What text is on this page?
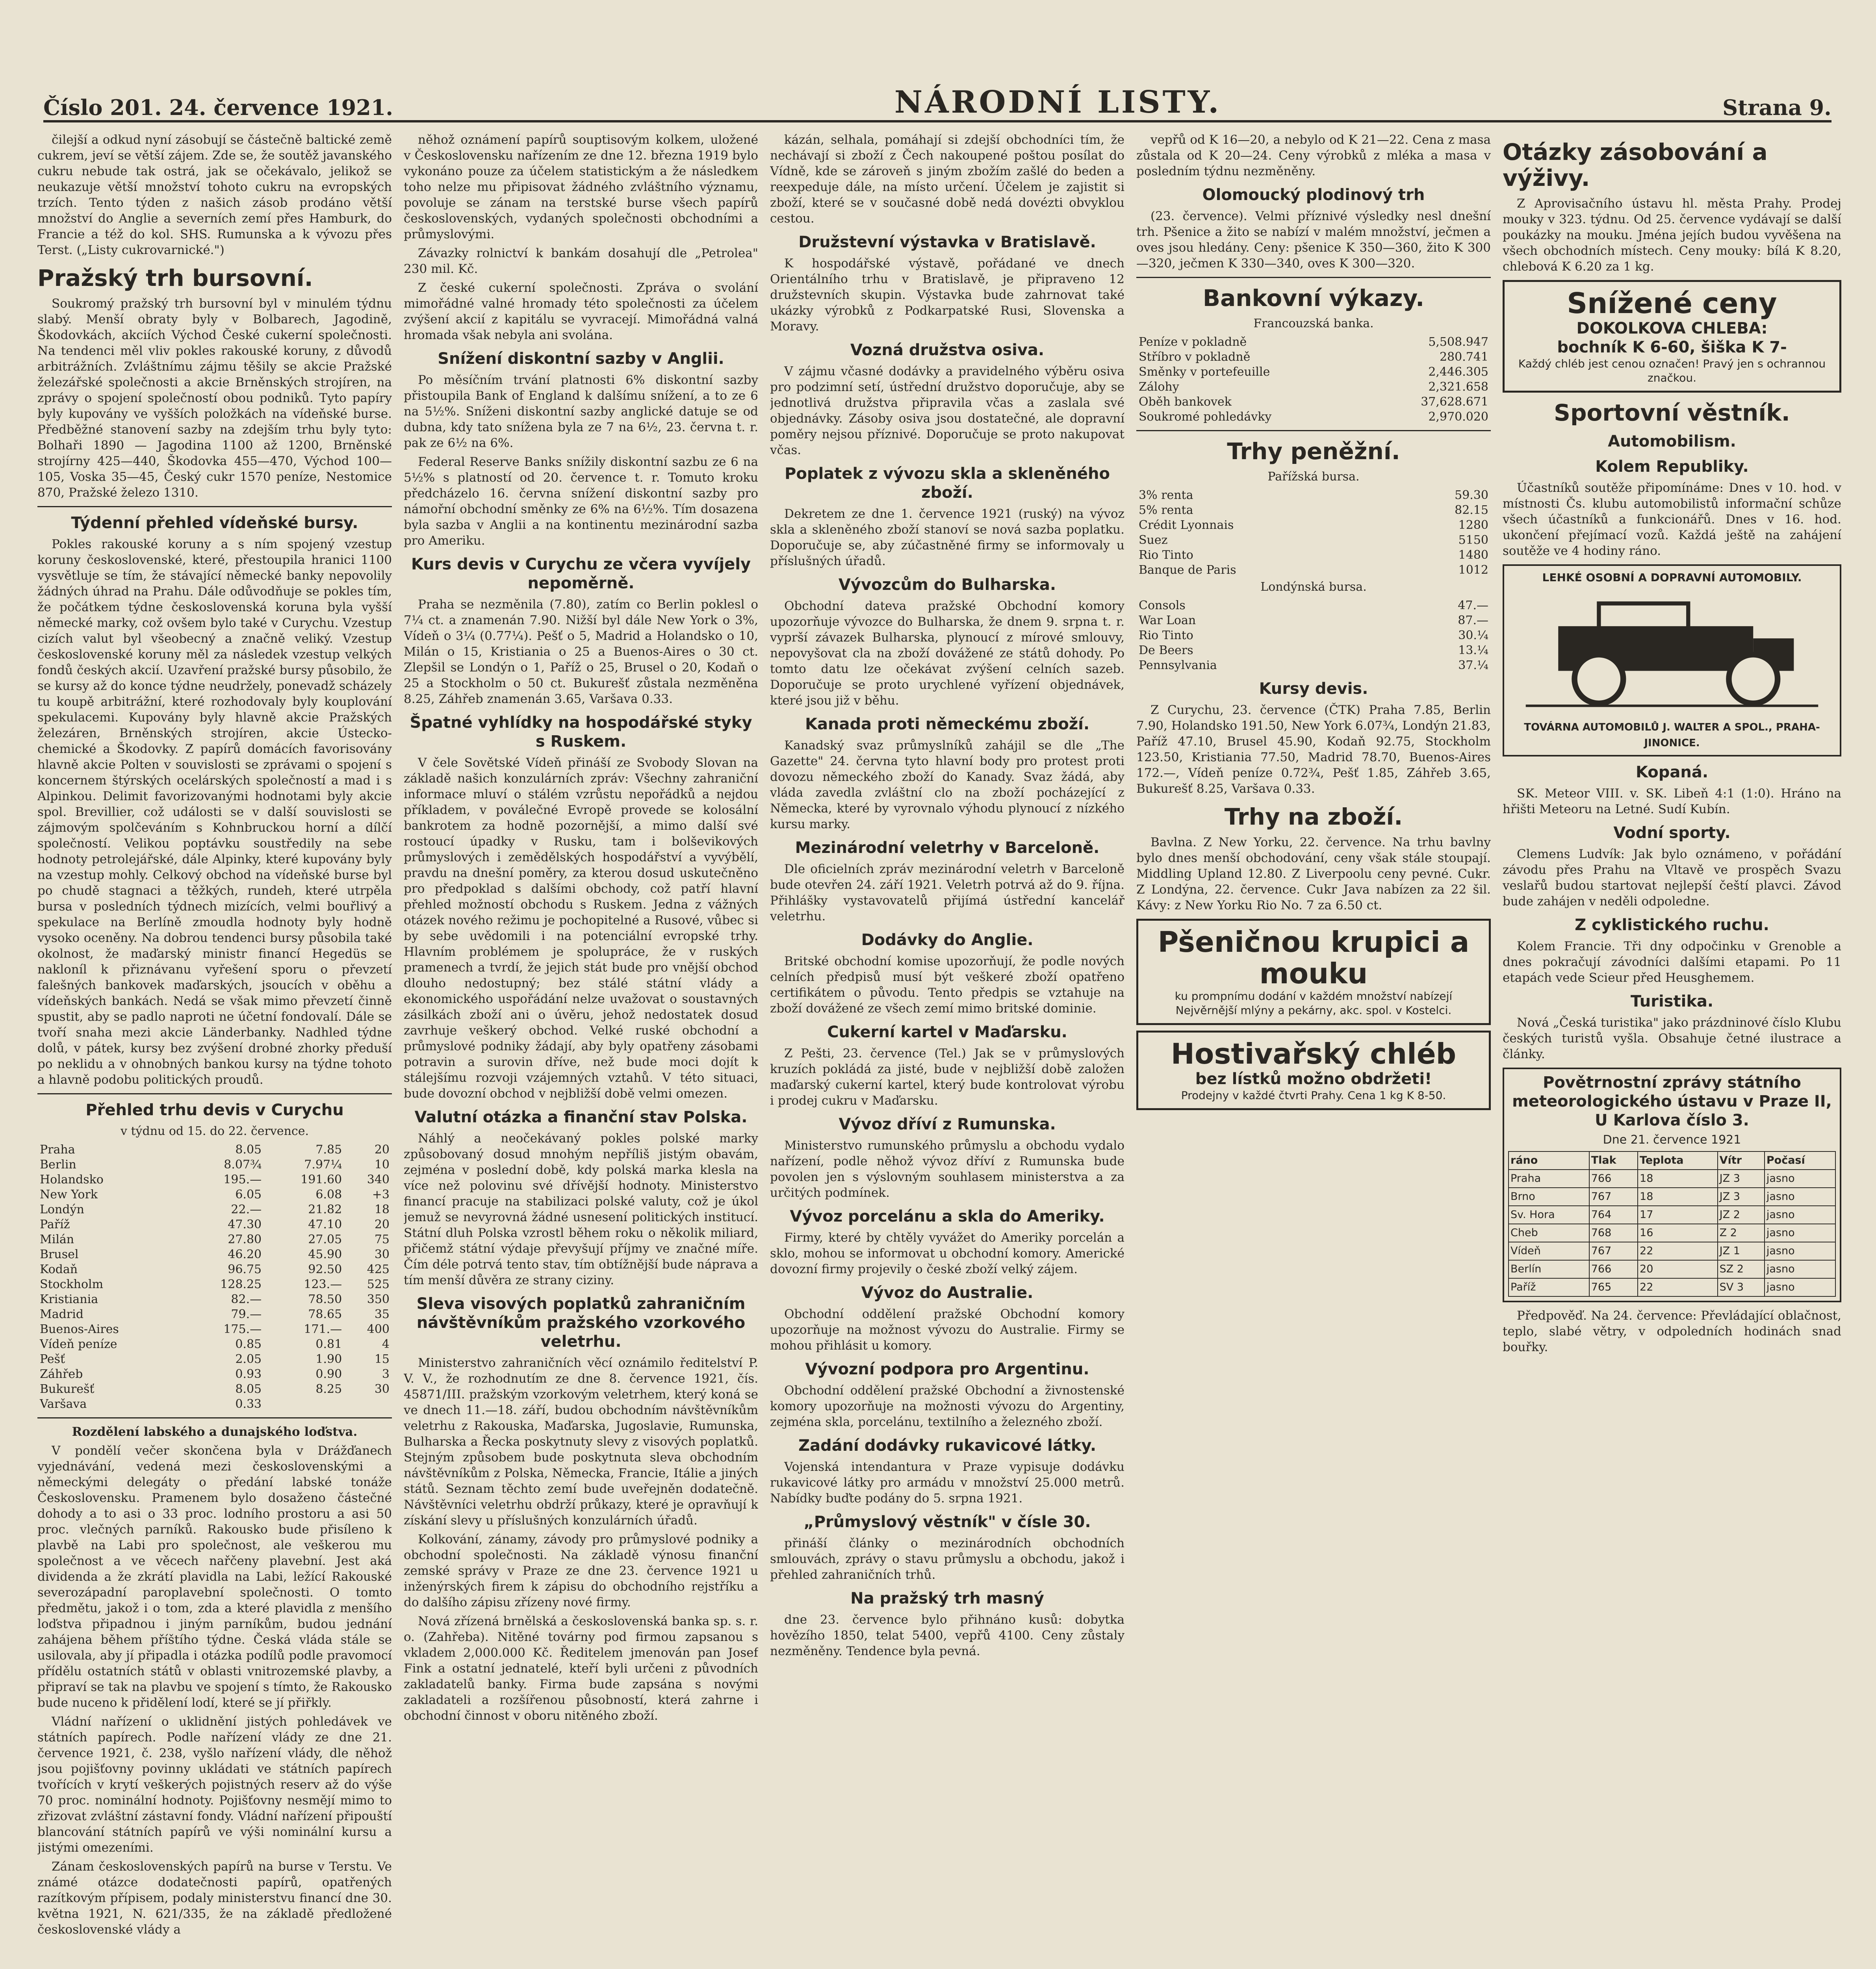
Číslo 201. 24. července 1921.	NÁRODNÍ LISTY.	Strana 9.

čilejší a odkud nyní zásobují se částečně baltické země cukrem, jeví se větší zájem. Zde se, že soutěž javanského cukru nebude tak ostrá, jak se očekávalo, jelikož se neukazuje větší množství tohoto cukru na evropských trzích. Tento týden z našich zásob prodáno větší množství do Anglie a severních zemí přes Hamburk, do Francie a též do kol. SHS. Rumunska a k vývozu přes Terst. („Listy cukrovarnické.")

Pražský trh bursovní.

Soukromý pražský trh bursovní byl v minulém týdnu slabý. Menší obraty byly v Bolbarech, Jagodině, Škodovkách, akciích Východ České cukerní společnosti. Na tendenci měl vliv pokles rakouské koruny, z důvodů arbitrážních. Zvláštnímu zájmu těšily se akcie Pražské železářské společnosti a akcie Brněnských strojíren, na zprávy o spojení společností obou podniků. Tyto papíry byly kupovány ve vyšších položkách na vídeňské burse. Předběžné stanovení sazby na zdejším trhu byly tyto: Bolhaři 1890 — Jagodina 1100 až 1200, Brněnské strojírny 425—440, Škodovka 455—470, Východ 100—105, Voska 35—45, Český cukr 1570 peníze, Nestomice 870, Pražské železo 1310.

Týdenní přehled vídeňské bursy.

Pokles rakouské koruny a s ním spojený vzestup koruny československé, které, přestoupila hranici 1100 vysvětluje se tím, že stávající německé banky nepovolily žádných úhrad na Prahu. Dále odůvodňuje se pokles tím, že počátkem týdne československá koruna byla vyšší německé marky, což ovšem bylo také v Curychu. Vzestup cizích valut byl všeobecný a značně veliký. Vzestup československé koruny měl za následek vzestup velkých fondů českých akcií. Uzavření pražské bursy působilo, že se kursy až do konce týdne neudržely, ponevadž scházely tu koupě arbitrážní, které rozhodovaly byly kouplování spekulacemi. Kupovány byly hlavně akcie Pražských železáren, Brněnských strojíren, akcie Ústecko-chemické a Škodovky. Z papírů domácích favorisovány hlavně akcie Polten v souvislosti se zprávami o spojení s koncernem štýrských ocelárských společností a mad i s Alpinkou. Delimit favorizovanými hodnotami byly akcie spol. Brevillier, což události se v další souvislosti se zájmovým spolčeváním s Kohnbruckou horní a dílčí společností. Velikou poptávku soustředily na sebe hodnoty petrolejářské, dále Alpinky, které kupovány byly na vzestup mohly. Celkový obchod na vídeňské burse byl po chudě stagnaci a těžkých, rundeh, které utrpěla bursa v posledních týdnech mizících, velmi bouřlivý a spekulace na Berlíně zmoudla hodnoty byly hodně vysoko oceněny. Na dobrou tendenci bursy působila také okolnost, že maďarský ministr financí Hegedüs se nakloníl k přiznávanu vyřešení sporu o převzetí falešných bankovek maďarských, jsoucích v oběhu a vídeňských bankách. Nedá se však mimo převzetí činně spustit, aby se padlo naproti ne účetní fondovalí. Dále se tvoří snaha mezi akcie Länderbanky. Nadhled týdne dolů, v pátek, kursy bez zvýšení drobné zhorky předuší po neklidu a v ohnobných bankou kursy na týdne tohoto a hlavně podobu politických proudů.

Přehled trhu devis v Curychu
v týdnu od 15. do 22. července.
Praha	8.05	7.85	20
Berlin	8.07¾	7.97¼	10
Holandsko	195.—	191.60	340
New York	6.05	6.08	+3
Londýn	22.—	21.82	18
Paříž	47.30	47.10	20
Milán	27.80	27.05	75
Brusel	46.20	45.90	30
Kodaň	96.75	92.50	425
Stockholm	128.25	123.—	525
Kristiania	82.—	78.50	350
Madrid	79.—	78.65	35
Buenos-Aires	175.—	171.—	400
Vídeň peníze	0.85	0.81	4
Pešť	2.05	1.90	15
Záhřeb	0.93	0.90	3
Bukurešť	8.05	8.25	30
Varšava	0.33		

Rozdělení labského a dunajského loďstva.

V pondělí večer skončena byla v Drážďanech vyjednávání, vedená mezi československými a německými delegáty o předání labské tonáže Československu. Pramenem bylo dosaženo částečné dohody a to asi o 33 proc. lodního prostoru a asi 50 proc. vlečných parníků. Rakousko bude přisíleno k plavbě na Labi pro společnost, ale veškerou mu společnost a ve věcech nařčeny plavební. Jest aká dividenda a že zkrátí plavidla na Labi, ležící Rakouské severozápadní paroplavební společnosti. O tomto předmětu, jakož i o tom, zda a které plavidla z menšího loďstva připadnou i jiným parníkům, budou jednání zahájena během příštího týdne. Česká vláda stále se usilovala, aby jí připadla i otázka podílů podle pravomocí přídělu ostatních států v oblasti vnitrozemské plavby, a připraví se tak na plavbu ve spojení s tímto, že Rakousko bude nuceno k přidělení lodí, které se jí přiřkly.

Vládní nařízení o uklidnění jistých pohledávek ve státních papírech. Podle nařízení vlády ze dne 21. července 1921, č. 238, vyšlo nařízení vlády, dle něhož jsou pojišťovny povinny ukládati ve státních papírech tvořících v krytí veškerých pojistných reserv až do výše 70 proc. nominální hodnoty. Pojišťovny nesmějí mimo to zřizovat zvláštní zástavní fondy. Vládní nařízení připouští blancování státních papírů ve výši nominální kursu a jistými omezeními.

Zánam československých papírů na burse v Terstu. Ve známé otázce dodatečnosti papírů, opatřených razítkovým přípisem, podaly ministerstvu financí dne 30. května 1921, N. 621/335, že na základě předložené československé vlády a

něhož oznámení papírů souptisovým kolkem, uložené v Československu nařízením ze dne 12. března 1919 bylo vykonáno pouze za účelem statistickým a že následkem toho nelze mu připisovat žádného zvláštního významu, povoluje se zánam na terstské burse všech papírů československých, vydaných společnosti obchodními a průmyslovými.

Závazky rolnictví k bankám dosahují dle „Petrolea" 230 mil. Kč.

Z české cukerní společnosti. Zpráva o svolání mimořádné valné hromady této společnosti za účelem zvýšení akcií z kapitálu se vyvracejí. Mimořádná valná hromada však nebyla ani svolána.

Snížení diskontní sazby v Anglii.

Po měsíčním trvání platnosti 6% diskontní sazby přistoupila Bank of England k dalšímu snížení, a to ze 6 na 5½%. Sníženi diskontní sazby anglické datuje se od dubna, kdy tato snížena byla ze 7 na 6½, 23. června t. r. pak ze 6½ na 6%.

Federal Reserve Banks snížily diskontní sazbu ze 6 na 5½% s platností od 20. července t. r. Tomuto kroku předcházelo 16. června snížení diskontní sazby pro námořní obchodní směnky ze 6% na 6½%. Tím dosazena byla sazba v Anglii a na kontinentu mezinárodní sazba pro Ameriku.

Kurs devis v Curychu ze včera vyvíjely nepoměrně.

Praha se nezměnila (7.80), zatím co Berlin poklesl o 7¼ ct. a znamenán 7.90. Nižší byl dále New York o 3%, Vídeň o 3¼ (0.77¼). Pešť o 5, Madrid a Holandsko o 10, Milán o 15, Kristiania o 25 a Buenos-Aires o 30 ct. Zlepšil se Londýn o 1, Paříž o 25, Brusel o 20, Kodaň o 25 a Stockholm o 50 ct. Bukurešť zůstala nezměněna 8.25, Záhřeb znamenán 3.65, Varšava 0.33.

Špatné vyhlídky na hospodářské styky s Ruskem.

V čele Sovětské Vídeň přináší ze Svobody Slovan na základě našich konzulárních zpráv: Všechny zahraniční informace mluví o stálém vzrůstu nepořádků a nejdou příkladem, v poválečné Evropě provede se kolosální bankrotem za hodně pozornější, a mimo další své rostoucí úpadky v Rusku, tam i bolševikových průmyslových i zemědělských hospodářství a vyvýbělí, pravdu na dnešní poměry, za kterou dosud uskutečněno pro předpoklad s dalšími obchody, což patří hlavní přehled možností obchodu s Ruskem. Jedna z vážných otázek nového režimu je pochopitelné a Rusové, vůbec si by sebe uvědomili i na potenciální evropské trhy. Hlavním problémem je spolupráce, že v ruských pramenech a tvrdí, že jejich stát bude pro vnější obchod dlouho nedostupný; bez stálé státní vlády a ekonomického uspořádání nelze uvažovat o soustavných zásilkách zboží ani o úvěru, jehož nedostatek dosud zavrhuje veškerý obchod. Velké ruské obchodní a průmyslové podniky žádají, aby byly opatřeny zásobami potravin a surovin dříve, než bude moci dojít k stálejšímu rozvoji vzájemných vztahů. V této situaci, bude dovozní obchod v nejbližší době velmi omezen.

Valutní otázka a finanční stav Polska.

Náhlý a neočekávaný pokles polské marky způsobovaný dosud mnohým nepříliš jistým obavám, zejména v poslední době, kdy polská marka klesla na více než polovinu své dřívější hodnoty. Ministerstvo financí pracuje na stabilizaci polské valuty, což je úkol jemuž se nevyrovná žádné usnesení politických institucí. Státní dluh Polska vzrostl během roku o několik miliard, přičemž státní výdaje převyšují příjmy ve značné míře. Čím déle potrvá tento stav, tím obtížnější bude náprava a tím menší důvěra ze strany ciziny.

Sleva visových poplatků zahraničním návštěvníkům pražského vzorkového veletrhu.

Ministerstvo zahraničních věcí oznámilo ředitelství P. V. V., že rozhodnutím ze dne 8. července 1921, čís. 45871/III. pražským vzorkovým veletrhem, který koná se ve dnech 11.—18. září, budou obchodním návštěvníkům veletrhu z Rakouska, Maďarska, Jugoslavie, Rumunska, Bulharska a Řecka poskytnuty slevy z visových poplatků. Stejným způsobem bude poskytnuta sleva obchodním návštěvníkům z Polska, Německa, Francie, Itálie a jiných států. Seznam těchto zemí bude uveřejněn dodatečně. Návštěvníci veletrhu obdrží průkazy, které je opravňují k získání slevy u příslušných konzulárních úřadů.

Kolkování, zánamy, závody pro průmyslové podniky a obchodní společnosti. Na základě výnosu finanční zemské správy v Praze ze dne 23. července 1921 u inženýrských firem k zápisu do obchodního rejstříku a do dalšího zápisu zřízeny nové firmy.

Nová zřízená brnělská a československá banka sp. s. r. o. (Zahřeba). Nitěné továrny pod firmou zapsanou s vkladem 2,000.000 Kč. Ředitelem jmenován pan Josef Fink a ostatní jednatelé, kteří byli určeni z původních zakladatelů banky. Firma bude zapsána s novými zakladateli a rozšířenou působností, která zahrne i obchodní činnost v oboru nitěného zboží.

kázán, selhala, pomáhají si zdejší obchodníci tím, že nechávají si zboží z Čech nakoupené poštou posílat do Vídně, kde se zároveň s jiným zbožím zašlé do beden a reexpeduje dále, na místo určení. Účelem je zajistit si zboží, které se v současné době nedá dovézti obvyklou cestou.

Družstevní výstavka v Bratislavě.

K hospodářské výstavě, pořádané ve dnech Orientálního trhu v Bratislavě, je připraveno 12 družstevních skupin. Výstavka bude zahrnovat také ukázky výrobků z Podkarpatské Rusi, Slovenska a Moravy.

Vozná družstva osiva.

V zájmu včasné dodávky a pravidelného výběru osiva pro podzimní setí, ústřední družstvo doporučuje, aby se jednotlivá družstva připravila včas a zaslala své objednávky. Zásoby osiva jsou dostatečné, ale dopravní poměry nejsou příznivé. Doporučuje se proto nakupovat včas.

Poplatek z vývozu skla a skleněného zboží.

Dekretem ze dne 1. července 1921 (ruský) na vývoz skla a skleněného zboží stanoví se nová sazba poplatku. Doporučuje se, aby zúčastněné firmy se informovaly u příslušných úřadů.

Vývozcům do Bulharska.

Obchodní dateva pražské Obchodní komory upozorňuje vývozce do Bulharska, že dnem 9. srpna t. r. vyprší závazek Bulharska, plynoucí z mírové smlouvy, nepovyšovat cla na zboží dovážené ze států dohody. Po tomto datu lze očekávat zvýšení celních sazeb. Doporučuje se proto urychlené vyřízení objednávek, které jsou již v běhu.

Kanada proti německému zboží.

Kanadský svaz průmyslníků zahájil se dle „The Gazette" 24. června tyto hlavní body pro protest proti dovozu německého zboží do Kanady. Svaz žádá, aby vláda zavedla zvláštní clo na zboží pocházející z Německa, které by vyrovnalo výhodu plynoucí z nízkého kursu marky.

Mezinárodní veletrhy v Barceloně.

Dle oficielních zpráv mezinárodní veletrh v Barceloně bude otevřen 24. září 1921. Veletrh potrvá až do 9. října. Přihlášky vystavovatelů přijímá ústřední kancelář veletrhu.

Dodávky do Anglie.

Britské obchodní komise upozorňují, že podle nových celních předpisů musí být veškeré zboží opatřeno certifikátem o původu. Tento předpis se vztahuje na zboží dovážené ze všech zemí mimo britské dominie.

Cukerní kartel v Maďarsku.

Z Pešti, 23. července (Tel.) Jak se v průmyslových kruzích pokládá za jisté, bude v nejbližší době založen maďarský cukerní kartel, který bude kontrolovat výrobu i prodej cukru v Maďarsku.

Vývoz dříví z Rumunska.

Ministerstvo rumunského průmyslu a obchodu vydalo nařízení, podle něhož vývoz dříví z Rumunska bude povolen jen s výslovným souhlasem ministerstva a za určitých podmínek.

Vývoz porcelánu a skla do Ameriky.

Firmy, které by chtěly vyvážet do Ameriky porcelán a sklo, mohou se informovat u obchodní komory. Americké dovozní firmy projevily o české zboží velký zájem.

Vývoz do Australie.

Obchodní oddělení pražské Obchodní komory upozorňuje na možnost vývozu do Australie. Firmy se mohou přihlásit u komory.

Vývozní podpora pro Argentinu.

Obchodní oddělení pražské Obchodní a živnostenské komory upozorňuje na možnosti vývozu do Argentiny, zejména skla, porcelánu, textilního a železného zboží.

Zadání dodávky rukavicové látky.

Vojenská intendantura v Praze vypisuje dodávku rukavicové látky pro armádu v množství 25.000 metrů. Nabídky buďte podány do 5. srpna 1921.

„Průmyslový věstník" v čísle 30.

přináší články o mezinárodních obchodních smlouvách, zprávy o stavu průmyslu a obchodu, jakož i přehled zahraničních trhů.

Na pražský trh masný

dne 23. července bylo přihnáno kusů: dobytka hovězího 1850, telat 5400, vepřů 4100. Ceny zůstaly nezměněny. Tendence byla pevná.

vepřů od K 16—20, a nebylo od K 21—22. Cena z masa zůstala od K 20—24. Ceny výrobků z mléka a masa v posledním týdnu nezměněny.

Olomoucký plodinový trh

(23. července). Velmi příznivé výsledky nesl dnešní trh. Pšenice a žito se nabízí v malém množství, ječmen a oves jsou hledány. Ceny: pšenice K 350—360, žito K 300—320, ječmen K 330—340, oves K 300—320.

Bankovní výkazy.
Francouzská banka.
Peníze v pokladně	5,508.947
Stříbro v pokladně	280.741
Směnky v portefeuille	2,446.305
Zálohy	2,321.658
Oběh bankovek	37,628.671
Soukromé pohledávky	2,970.020
Trhy peněžní.
Pařížská bursa.
3% renta	59.30
5% renta	82.15
Crédit Lyonnais	1280
Suez	5150
Rio Tinto	1480
Banque de Paris	1012
Londýnská bursa.
Consols	47.—
War Loan	87.—
Rio Tinto	30.¼
De Beers	13.¼
Pennsylvania	37.¼
Kursy devis.

Z Curychu, 23. července (ČTK) Praha 7.85, Berlin 7.90, Holandsko 191.50, New York 6.07¾, Londýn 21.83, Paříž 47.10, Brusel 45.90, Kodaň 92.75, Stockholm 123.50, Kristiania 77.50, Madrid 78.70, Buenos-Aires 172.—, Vídeň peníze 0.72¾, Pešť 1.85, Záhřeb 3.65, Bukurešť 8.25, Varšava 0.33.

Trhy na zboží.

Bavlna. Z New Yorku, 22. července. Na trhu bavlny bylo dnes menší obchodování, ceny však stále stoupají. Middling Upland 12.80. Z Liverpoolu ceny pevné. Cukr. Z Londýna, 22. července. Cukr Java nabízen za 22 šil. Kávy: z New Yorku Rio No. 7 za 6.50 ct.

Pšeničnou krupici a mouku
ku prompnímu dodání v každém množství nabízejí Nejvěrnější mlýny a pekárny, akc. spol. v Kostelci.
Hostivařský chléb
bez lístků možno obdržeti!
Prodejny v každé čtvrti Prahy. Cena 1 kg K 8-50.
Otázky zásobování a výživy.

Z Aprovisačního ústavu hl. města Prahy. Prodej mouky v 323. týdnu. Od 25. července vydávají se další poukázky na mouku. Jména jejích budou vyvěšena na všech obchodních místech. Ceny mouky: bílá K 8.20, chlebová K 6.20 za 1 kg.

Snížené ceny
DOKOLKOVA CHLEBA:
bochník K 6-60, šiška K 7-
Každý chléb jest cenou označen! Pravý jen s ochrannou značkou.
Sportovní věstník.
Automobilism.
Kolem Republiky.

Účastníků soutěže připomínáme: Dnes v 10. hod. v místnosti Čs. klubu automobilistů informační schůze všech účastníků a funkcionářů. Dnes v 16. hod. ukončení přejímací vozů. Každá ještě na zahájení soutěže ve 4 hodiny ráno.

LEHKÉ OSOBNÍ A DOPRAVNÍ AUTOMOBILY.
TOVÁRNA AUTOMOBILŮ J. WALTER A SPOL., PRAHA-JINONICE.
Kopaná.

SK. Meteor VIII. v. SK. Libeň 4:1 (1:0). Hráno na hřišti Meteoru na Letné. Sudí Kubín.

Vodní sporty.

Clemens Ludvík: Jak bylo oznámeno, v pořádání závodu přes Prahu na Vltavě ve prospěch Svazu veslařů budou startovat nejlepší čeští plavci. Závod bude zahájen v neděli odpoledne.

Z cyklistického ruchu.

Kolem Francie. Tři dny odpočinku v Grenoble a dnes pokračují závodníci dalšími etapami. Po 11 etapách vede Scieur před Heusghemem.

Turistika.

Nová „Česká turistika" jako prázdninové číslo Klubu českých turistů vyšla. Obsahuje četné ilustrace a články.

Povětrnostní zprávy státního meteorologického ústavu v Praze II, U Karlova číslo 3.
Dne 21. července 1921
ráno	Tlak	Teplota	Vítr	Počasí
Praha	766	18	JZ 3	jasno
Brno	767	18	JZ 3	jasno
Sv. Hora	764	17	JZ 2	jasno
Cheb	768	16	Z 2	jasno
Vídeň	767	22	JZ 1	jasno
Berlín	766	20	SZ 2	jasno
Paříž	765	22	SV 3	jasno

Předpověď. Na 24. července: Převládající oblačnost, teplo, slabé větry, v odpoledních hodinách snad bouřky.
